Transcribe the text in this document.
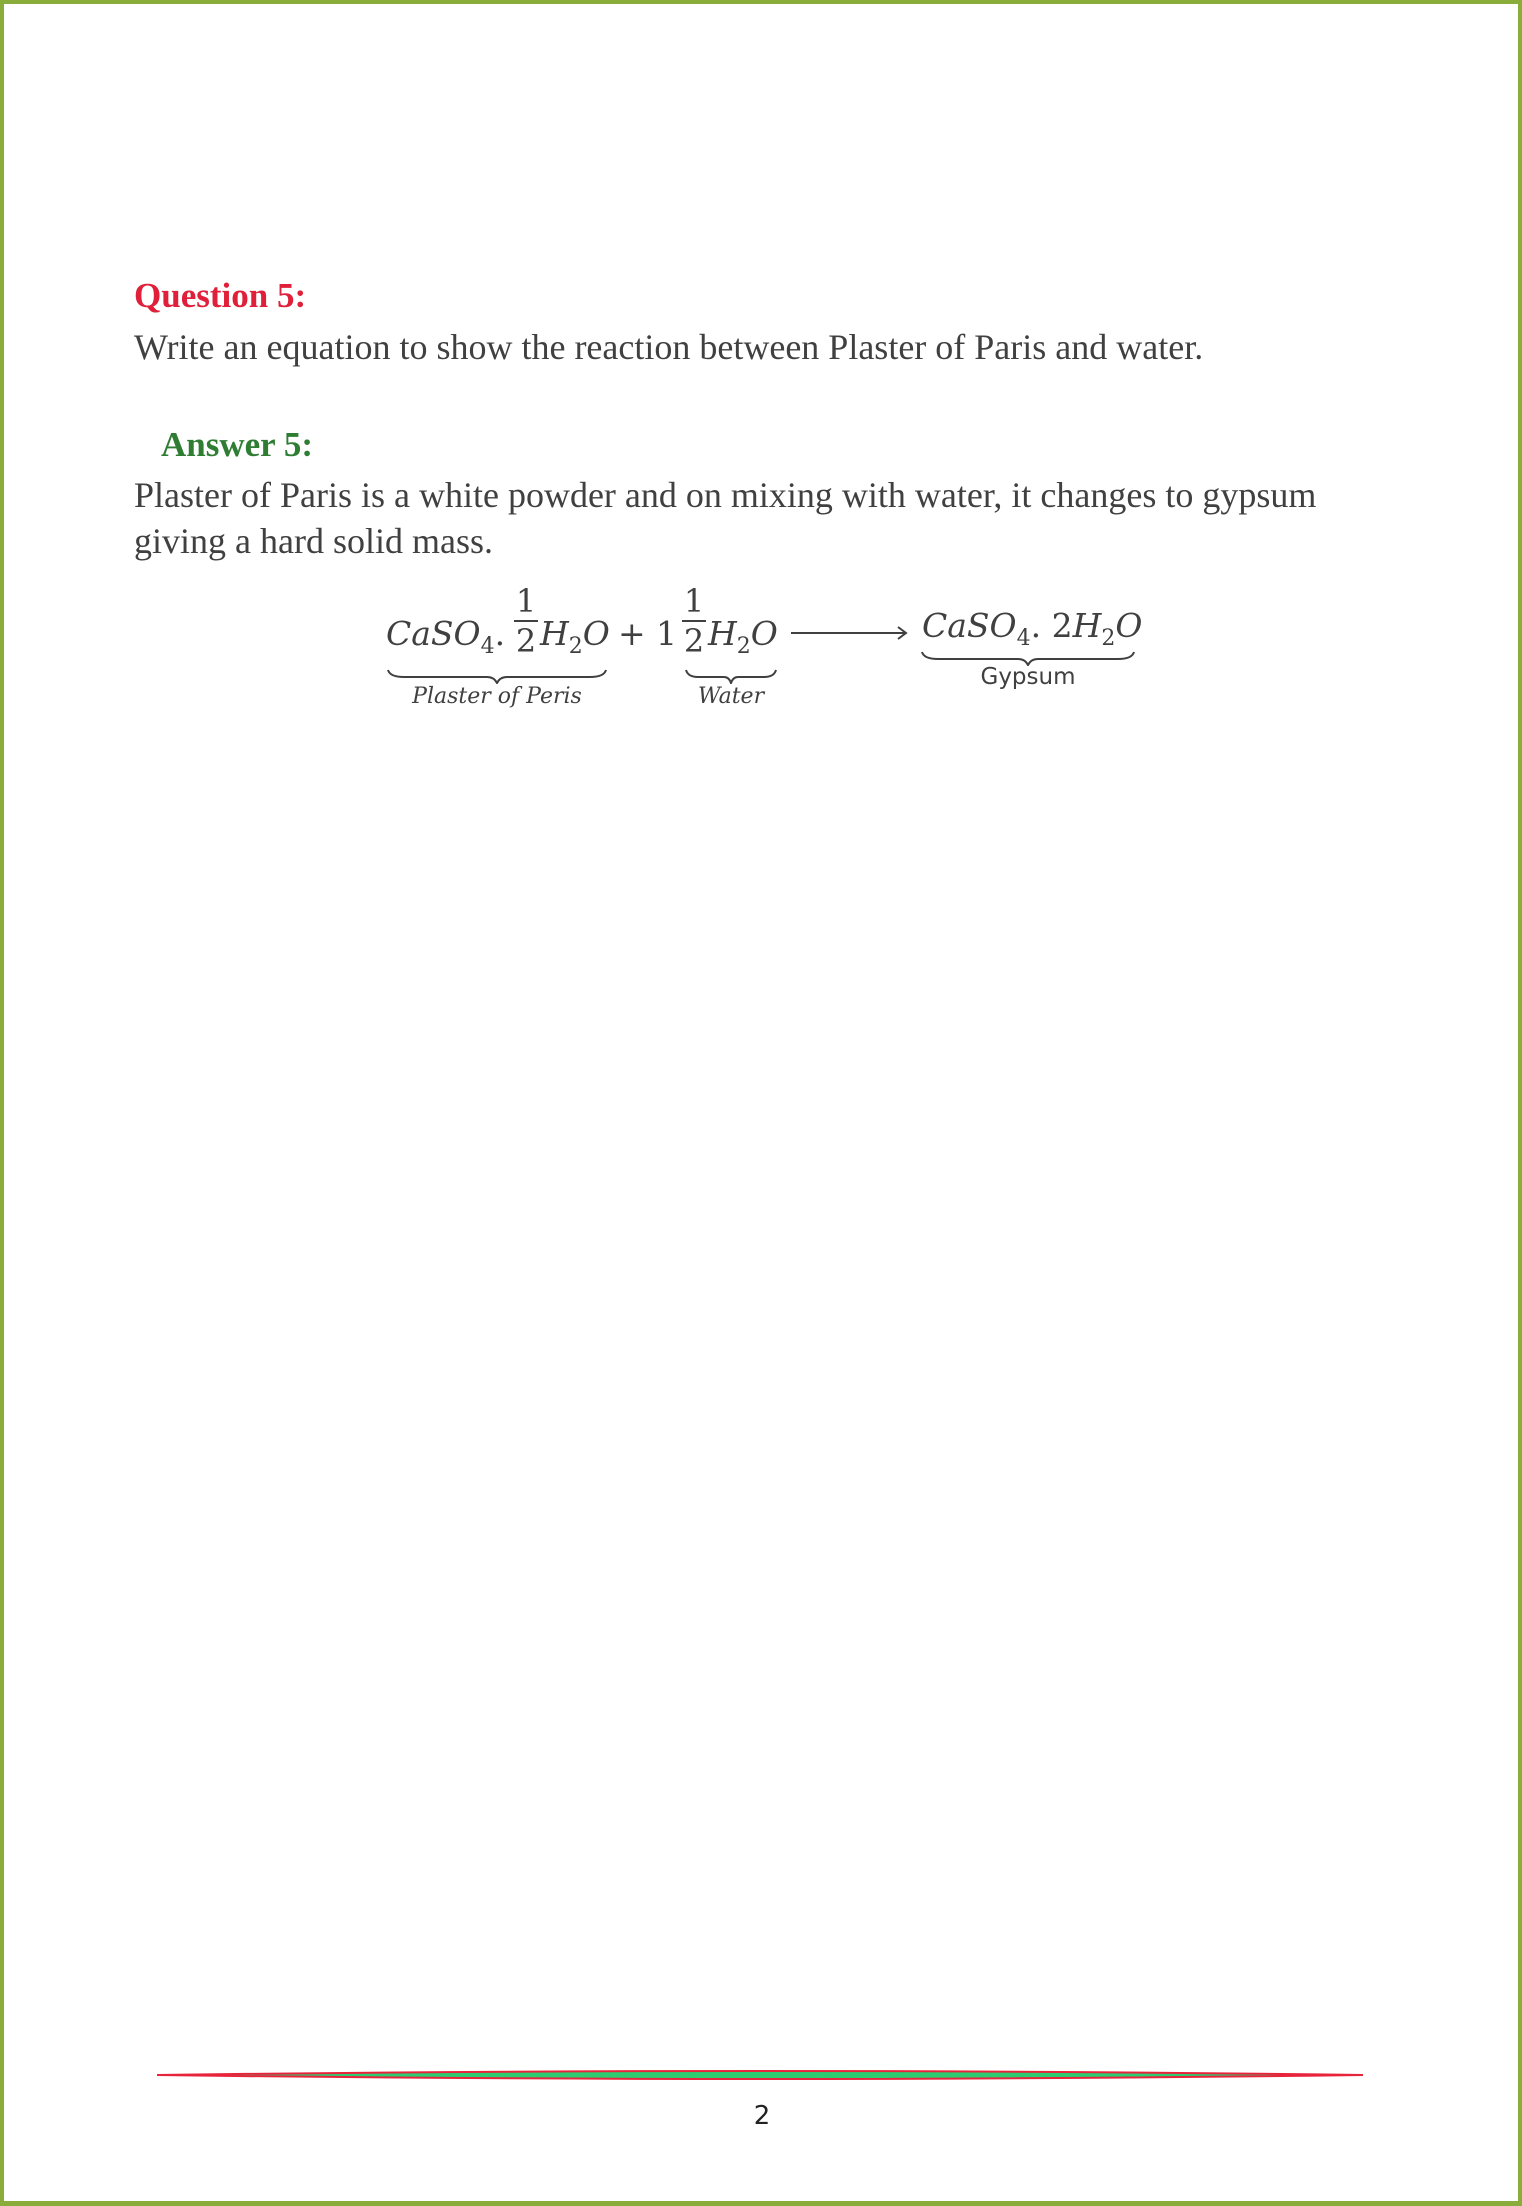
Question 5:
Write an equation to show the reaction between Plaster of Paris and water.
Answer 5:
Plaster of Paris is a white powder and on mixing with water, it changes to gypsum
giving a hard solid mass.
CaSO$_4$.
1
2 $H_2O$
Plaster of Peris
+ 1
1
2 $H_2O$
Water
CaSO$_4$. $2H_2O$
Gypsum
2
